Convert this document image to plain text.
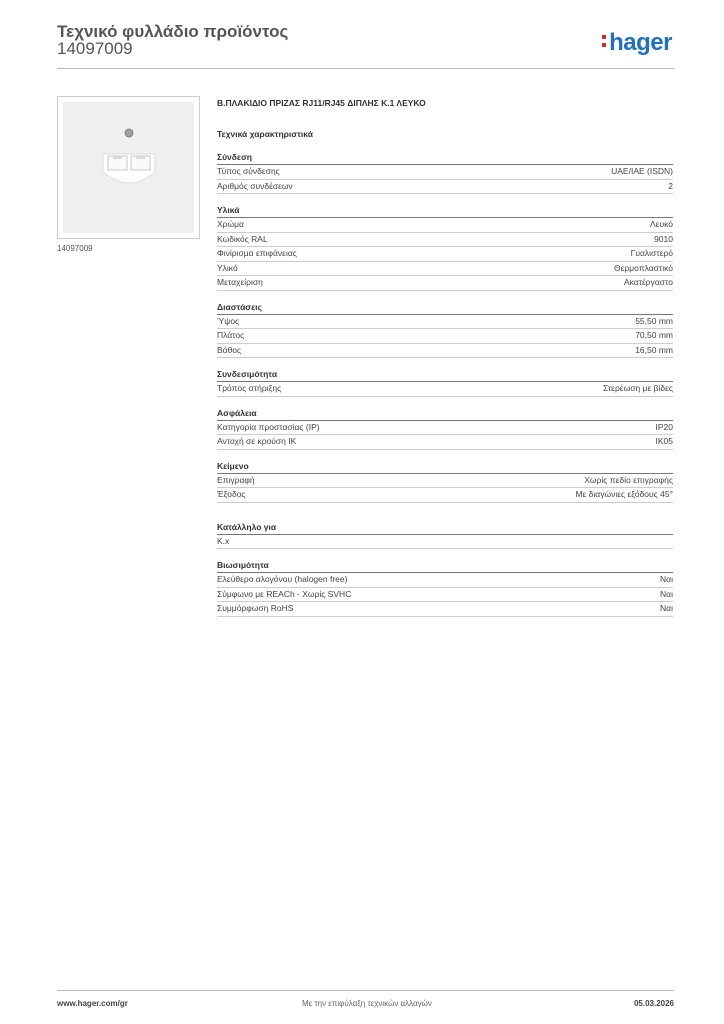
Τεχνικό φυλλάδιο προϊόντος
14097009	hager
14097009
Β.ΠΛΑΚΙΔΙΟ ΠΡΙΖΑΣ RJ11/RJ45 ΔΙΠΛΗΣ Κ.1 ΛΕΥΚΟ
Τεχνικά χαρακτηριστικά
Σύνδεση
Τύπος σύνδεσης	UAE/IAE (ISDN)
Αριθμός συνδέσεων	2
Υλικά
Χρώμα	Λευκό
Κωδικός RAL	9010
Φινίρισμα επιφάνειας	Γυαλιστερό
Υλικό	Θερμοπλαστικό
Μεταχείριση	Ακατέργαστο
Διαστάσεις
Ύψος	55,50 mm
Πλάτος	70,50 mm
Βάθος	16,50 mm
Συνδεσιμότητα
Τρόπος στήριξης	Στερέωση με βίδες
Ασφάλεια
Κατηγορία προστασίας (IP)	IP20
Αντοχή σε κρούση IK	IK05
Κείμενο
Επιγραφή	Χωρίς πεδίο επιγραφής
Έξοδος	Με διαγώνιες εξόδους 45°
Κατάλληλο για
K.x
Βιωσιμότητα
Ελεύθερο αλογόνου (halogen free)	Ναι
Σύμφωνο με REACh - Χωρίς SVHC	Ναι
Συμμόρφωση RoHS	Ναι
www.hager.com/gr	Με την επιφύλαξη τεχνικών αλλαγών	05.03.2026
